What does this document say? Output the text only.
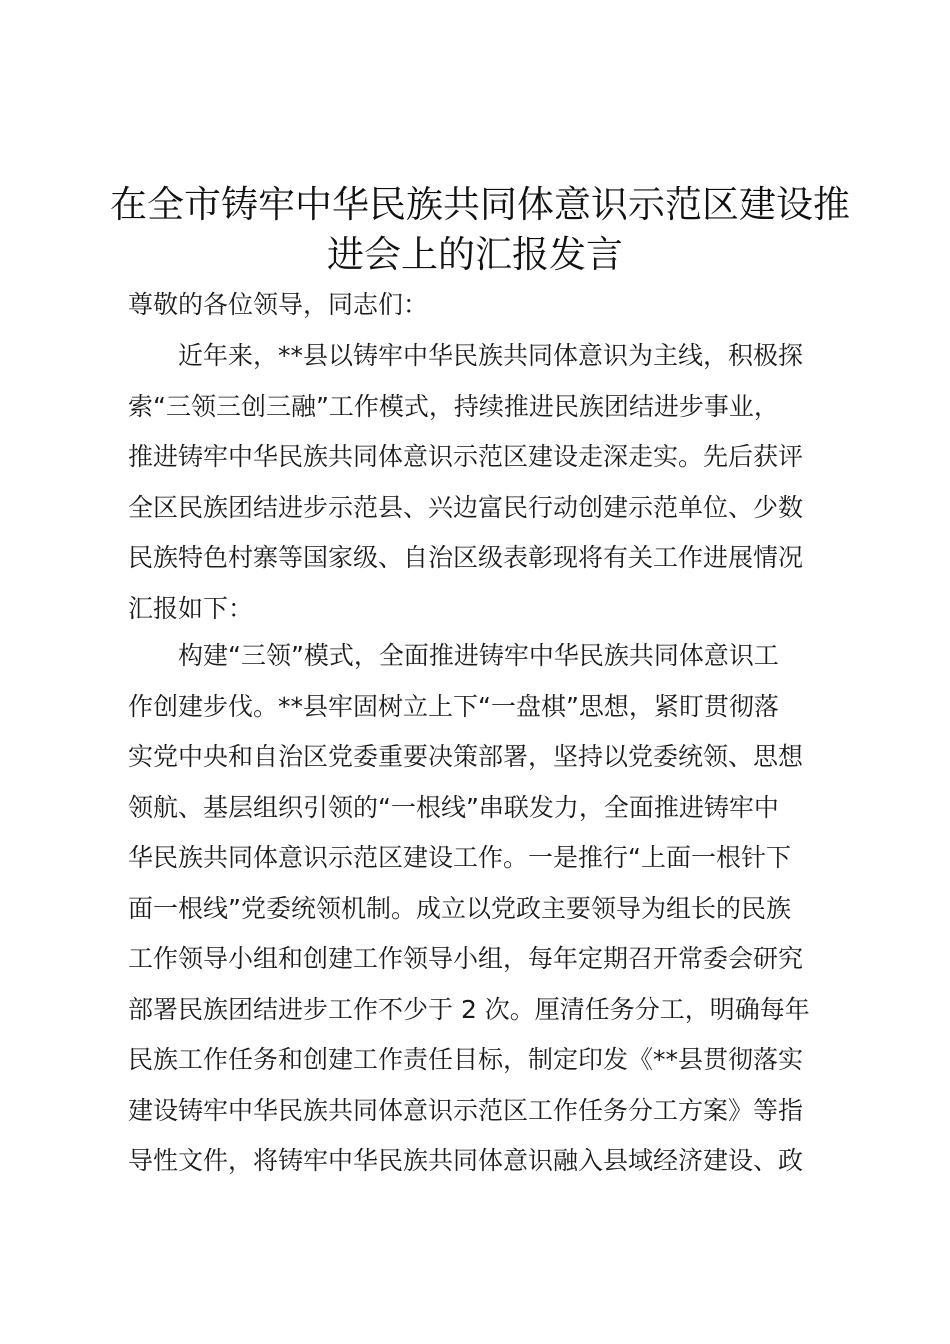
在全市铸牢中华民族共同体意识示范区建设推
进会上的汇报发言
尊敬的各位领导，同志们：
近年来，**县以铸牢中华民族共同体意识为主线，积极探
索“三领三创三融”工作模式，持续推进民族团结进步事业，
推进铸牢中华民族共同体意识示范区建设走深走实。先后获评
全区民族团结进步示范县、兴边富民行动创建示范单位、少数
民族特色村寨等国家级、自治区级表彰现将有关工作进展情况
汇报如下：
构建“三领”模式，全面推进铸牢中华民族共同体意识工
作创建步伐。**县牢固树立上下“一盘棋”思想，紧盯贯彻落
实党中央和自治区党委重要决策部署，坚持以党委统领、思想
领航、基层组织引领的“一根线”串联发力，全面推进铸牢中
华民族共同体意识示范区建设工作。一是推行“上面一根针下
面一根线”党委统领机制。成立以党政主要领导为组长的民族
工作领导小组和创建工作领导小组，每年定期召开常委会研究
部署民族团结进步工作不少于 2 次。厘清任务分工，明确每年
民族工作任务和创建工作责任目标，制定印发《**县贯彻落实
建设铸牢中华民族共同体意识示范区工作任务分工方案》等指
导性文件，将铸牢中华民族共同体意识融入县域经济建设、政
